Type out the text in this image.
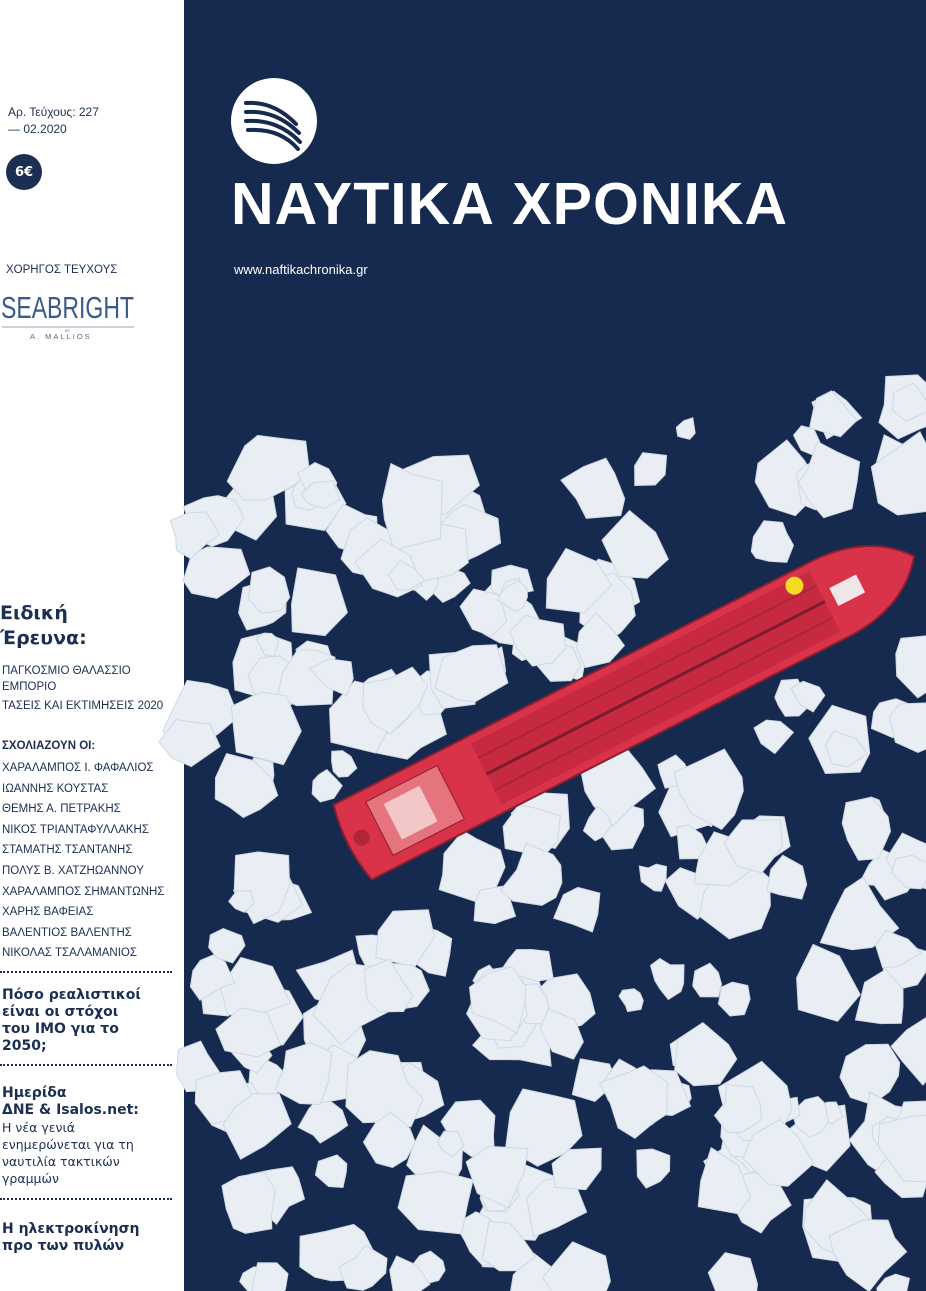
Αρ. Τεύχους: 227
— 02.2020
6€
ΧΟΡΗΓΟΣ ΤΕΥΧΟΥΣ
SEABRIGHT
BY
A. MALLIOS
Ειδική
Έρευνα:
ΠΑΓΚΟΣΜΙΟ ΘΑΛΑΣΣΙΟ
ΕΜΠΟΡΙΟ
ΤΑΣΕΙΣ ΚΑΙ ΕΚΤΙΜΗΣΕΙΣ 2020
ΣΧΟΛΙΑΖΟΥΝ ΟΙ:
ΧΑΡΑΛΑΜΠΟΣ Ι. ΦΑΦΑΛΙΟΣ
ΙΩΑΝΝΗΣ ΚΟΥΣΤΑΣ
ΘΕΜΗΣ Α. ΠΕΤΡΑΚΗΣ
ΝΙΚΟΣ ΤΡΙΑΝΤΑΦΥΛΛΑΚΗΣ
ΣΤΑΜΑΤΗΣ ΤΣΑΝΤΑΝΗΣ
ΠΟΛΥΣ Β. ΧΑΤΖΗΩΑΝΝΟΥ
ΧΑΡΑΛΑΜΠΟΣ ΣΗΜΑΝΤΩΝΗΣ
ΧΑΡΗΣ ΒΑΦΕΙΑΣ
ΒΑΛΕΝΤΙΟΣ ΒΑΛΕΝΤΗΣ
ΝΙΚΟΛΑΣ ΤΣΑΛΑΜΑΝΙΟΣ
Πόσο ρεαλιστικοί
είναι οι στόχοι
του ΙΜΟ για το
2050;
Ημερίδα
ΔΝΕ & Isalos.net:
Η νέα γενιά
ενημερώνεται για τη
ναυτιλία τακτικών
γραμμών
Η ηλεκτροκίνηση
προ των πυλών
ΝΑΥΤΙΚΑ ΧΡΟΝΙΚΑ
www.naftikachronika.gr
